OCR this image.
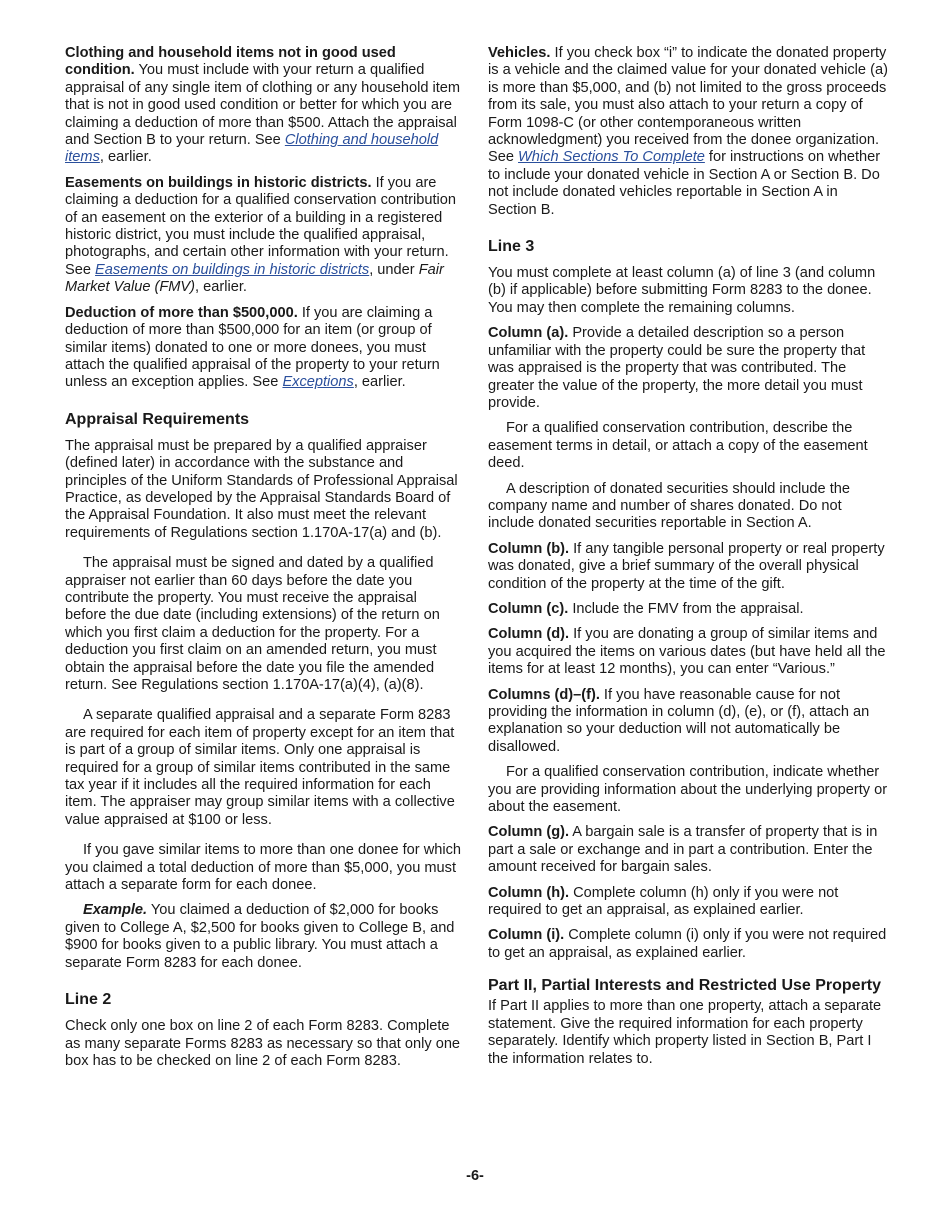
Clothing and household items not in good used condition. You must include with your return a qualified appraisal of any single item of clothing or any household item that is not in good used condition or better for which you are claiming a deduction of more than $500. Attach the appraisal and Section B to your return. See Clothing and household items, earlier.

Easements on buildings in historic districts. If you are claiming a deduction for a qualified conservation contribution of an easement on the exterior of a building in a registered historic district, you must include the qualified appraisal, photographs, and certain other information with your return. See Easements on buildings in historic districts, under Fair Market Value (FMV), earlier.

Deduction of more than $500,000. If you are claiming a deduction of more than $500,000 for an item (or group of similar items) donated to one or more donees, you must attach the qualified appraisal of the property to your return unless an exception applies. See Exceptions, earlier.

Appraisal Requirements

The appraisal must be prepared by a qualified appraiser (defined later) in accordance with the substance and principles of the Uniform Standards of Professional Appraisal Practice, as developed by the Appraisal Standards Board of the Appraisal Foundation. It also must meet the relevant requirements of Regulations section 1.170A-17(a) and (b).

The appraisal must be signed and dated by a qualified appraiser not earlier than 60 days before the date you contribute the property. You must receive the appraisal before the due date (including extensions) of the return on which you first claim a deduction for the property. For a deduction you first claim on an amended return, you must obtain the appraisal before the date you file the amended return. See Regulations section 1.170A-17(a)(4), (a)(8).

A separate qualified appraisal and a separate Form 8283 are required for each item of property except for an item that is part of a group of similar items. Only one appraisal is required for a group of similar items contributed in the same tax year if it includes all the required information for each item. The appraiser may group similar items with a collective value appraised at $100 or less.

If you gave similar items to more than one donee for which you claimed a total deduction of more than $5,000, you must attach a separate form for each donee.

Example. You claimed a deduction of $2,000 for books given to College A, $2,500 for books given to College B, and $900 for books given to a public library. You must attach a separate Form 8283 for each donee.

Line 2

Check only one box on line 2 of each Form 8283. Complete as many separate Forms 8283 as necessary so that only one box has to be checked on line 2 of each Form 8283.

Vehicles. If you check box “i” to indicate the donated property is a vehicle and the claimed value for your donated vehicle (a) is more than $5,000, and (b) not limited to the gross proceeds from its sale, you must also attach to your return a copy of Form 1098-C (or other contemporaneous written acknowledgment) you received from the donee organization. See Which Sections To Complete for instructions on whether to include your donated vehicle in Section A or Section B. Do not include donated vehicles reportable in Section A in Section B.

Line 3

You must complete at least column (a) of line 3 (and column (b) if applicable) before submitting Form 8283 to the donee. You may then complete the remaining columns.

Column (a). Provide a detailed description so a person unfamiliar with the property could be sure the property that was appraised is the property that was contributed. The greater the value of the property, the more detail you must provide.

For a qualified conservation contribution, describe the easement terms in detail, or attach a copy of the easement deed.

A description of donated securities should include the company name and number of shares donated. Do not include donated securities reportable in Section A.

Column (b). If any tangible personal property or real property was donated, give a brief summary of the overall physical condition of the property at the time of the gift.

Column (c). Include the FMV from the appraisal.

Column (d). If you are donating a group of similar items and you acquired the items on various dates (but have held all the items for at least 12 months), you can enter “Various.”

Columns (d)–(f). If you have reasonable cause for not providing the information in column (d), (e), or (f), attach an explanation so your deduction will not automatically be disallowed.

For a qualified conservation contribution, indicate whether you are providing information about the underlying property or about the easement.

Column (g). A bargain sale is a transfer of property that is in part a sale or exchange and in part a contribution. Enter the amount received for bargain sales.

Column (h). Complete column (h) only if you were not required to get an appraisal, as explained earlier.

Column (i). Complete column (i) only if you were not required to get an appraisal, as explained earlier.

Part II, Partial Interests and Restricted Use Property

If Part II applies to more than one property, attach a separate statement. Give the required information for each property separately. Identify which property listed in Section B, Part I the information relates to.

-6-
